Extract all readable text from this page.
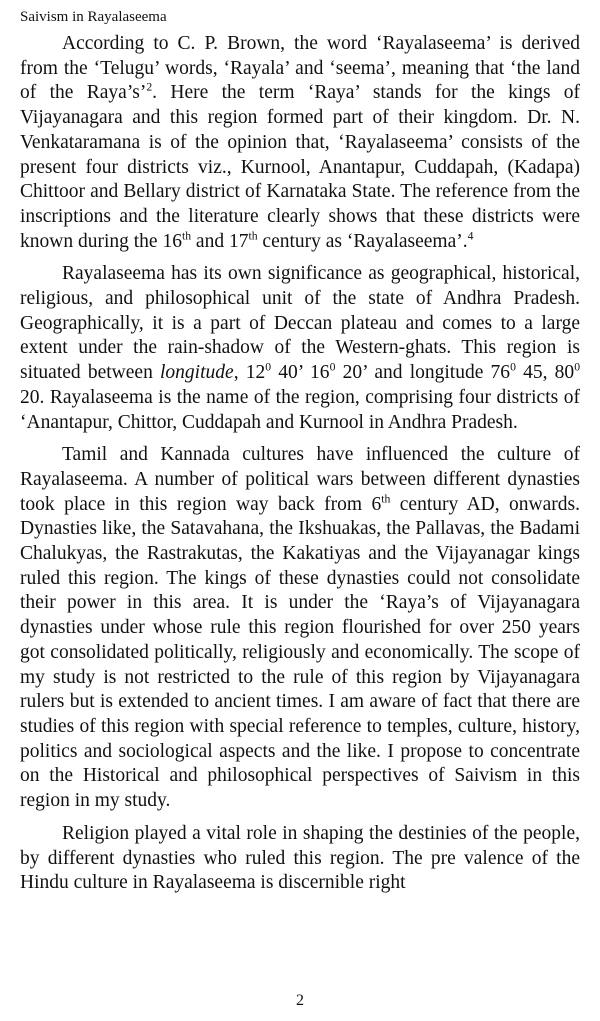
Saivism in Rayalaseema

According to C. P. Brown, the word ‘Rayalaseema’ is derived from the ‘Telugu’ words, ‘Rayala’ and ‘seema’, meaning that ‘the land of the Raya’s’$^2$. Here the term ‘Raya’ stands for the kings of Vijayanagara and this region formed part of their kingdom. Dr. N. Venkataramana is of the opinion that, ‘Rayalaseema’ consists of the present four districts viz., Kurnool, Anantapur, Cuddapah, (Kadapa) Chittoor and Bellary district of Karnataka State. The reference from the inscriptions and the literature clearly shows that these districts were known during the 16th and 17th century as ‘Rayalaseema’.$^4$

Rayalaseema has its own significance as geographical, historical, religious, and philosophical unit of the state of Andhra Pradesh. Geographically, it is a part of Deccan plateau and comes to a large extent under the rain-shadow of the Western-ghats. This region is situated between longitude, $12^0$ 40’ $16^0$ 20’ and longitude $76^0$ 45, $80^0$ 20. Rayalaseema is the name of the region, comprising four districts of ‘Anantapur, Chittor, Cuddapah and Kurnool in Andhra Pradesh.

Tamil and Kannada cultures have influenced the culture of Rayalaseema. A number of political wars between different dynasties took place in this region way back from 6th century AD, onwards. Dynasties like, the Satavahana, the Ikshuakas, the Pallavas, the Badami Chalukyas, the Rastrakutas, the Kakatiyas and the Vijayanagar kings ruled this region. The kings of these dynasties could not consolidate their power in this area. It is under the ‘Raya’s of Vijayanagara dynasties under whose rule this region flourished for over 250 years got consolidated politically, religiously and economically. The scope of my study is not restricted to the rule of this region by Vijayanagara rulers but is extended to ancient times. I am aware of fact that there are studies of this region with special reference to temples, culture, history, politics and sociological aspects and the like. I propose to concentrate on the Historical and philosophical perspectives of Saivism in this region in my study.

Religion played a vital role in shaping the destinies of the people, by different dynasties who ruled this region. The pre valence of the Hindu culture in Rayalaseema is discernible right

2
